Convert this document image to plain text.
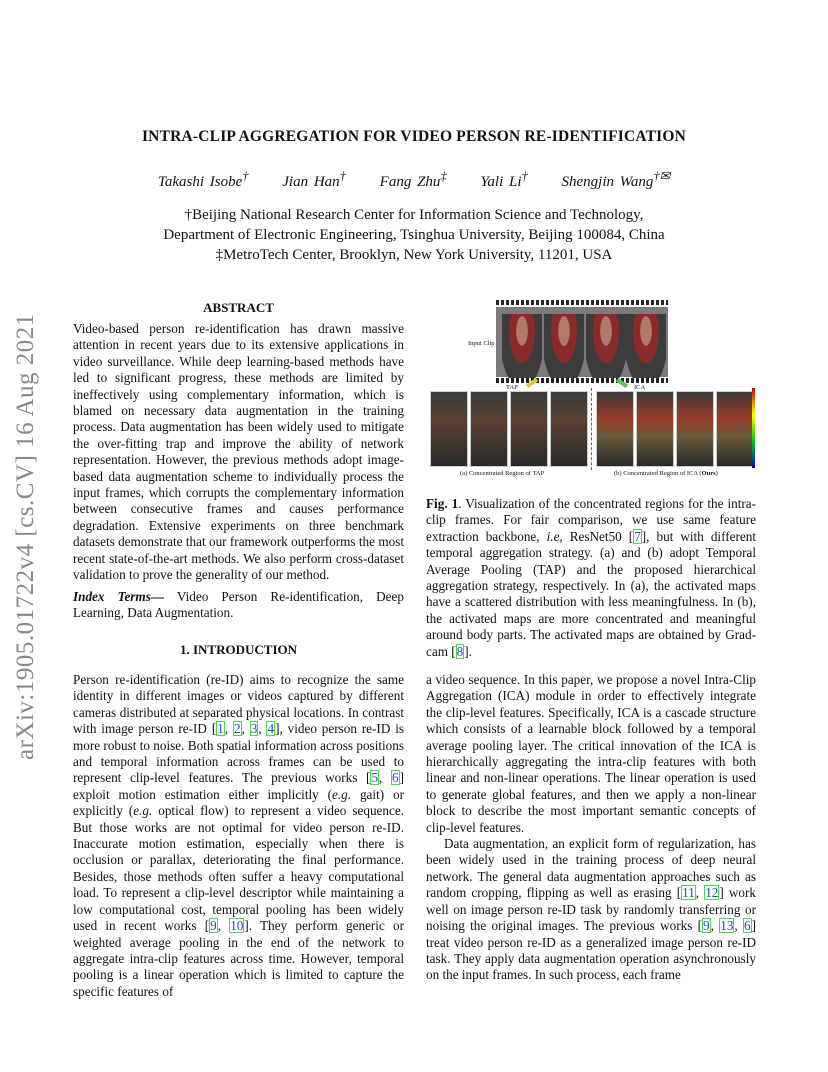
arXiv:1905.01722v4 [cs.CV] 16 Aug 2021
INTRA-CLIP AGGREGATION FOR VIDEO PERSON RE-IDENTIFICATION
Takashi Isobe† Jian Han† Fang Zhu‡ Yali Li† Shengjin Wang†✉
†Beijing National Research Center for Information Science and Technology,
Department of Electronic Engineering, Tsinghua University, Beijing 100084, China
‡MetroTech Center, Brooklyn, New York University, 11201, USA
ABSTRACT
Video-based person re-identification has drawn massive attention in recent years due to its extensive applications in video surveillance. While deep learning-based methods have led to significant progress, these methods are limited by ineffectively using complementary information, which is blamed on necessary data augmentation in the training process. Data augmentation has been widely used to mitigate the over-fitting trap and improve the ability of network representation. However, the previous methods adopt image-based data augmentation scheme to individually process the input frames, which corrupts the complementary information between consecutive frames and causes performance degradation. Extensive experiments on three benchmark datasets demonstrate that our framework outperforms the most recent state-of-the-art methods. We also perform cross-dataset validation to prove the generality of our method.
Index Terms— Video Person Re-identification, Deep Learning, Data Augmentation.
1. INTRODUCTION
Person re-identification (re-ID) aims to recognize the same identity in different images or videos captured by different cameras distributed at separated physical locations. In contrast with image person re-ID [1, 2, 3, 4], video person re-ID is more robust to noise. Both spatial information across positions and temporal information across frames can be used to represent clip-level features. The previous works [5, 6] exploit motion estimation either implicitly (e.g. gait) or explicitly (e.g. optical flow) to represent a video sequence. But those works are not optimal for video person re-ID. Inaccurate motion estimation, especially when there is occlusion or parallax, deteriorating the final performance. Besides, those methods often suffer a heavy computational load. To represent a clip-level descriptor while maintaining a low computational cost, temporal pooling has been widely used in recent works [9, 10]. They perform generic or weighted average pooling in the end of the network to aggregate intra-clip features across time. However, temporal pooling is a linear operation which is limited to capture the specific features of
Input Clip
TAP	ICA
(a) Concentrated Region of TAP	(b) Concentrated Region of ICA (Ours)
Fig. 1. Visualization of the concentrated regions for the intra-clip frames. For fair comparison, we use same feature extraction backbone, i.e, ResNet50 [7], but with different temporal aggregation strategy. (a) and (b) adopt Temporal Average Pooling (TAP) and the proposed hierarchical aggregation strategy, respectively. In (a), the activated maps have a scattered distribution with less meaningfulness. In (b), the activated maps are more concentrated and meaningful around body parts. The activated maps are obtained by Grad-cam [8].
a video sequence. In this paper, we propose a novel Intra-Clip Aggregation (ICA) module in order to effectively integrate the clip-level features. Specifically, ICA is a cascade structure which consists of a learnable block followed by a temporal average pooling layer. The critical innovation of the ICA is hierarchically aggregating the intra-clip features with both linear and non-linear operations. The linear operation is used to generate global features, and then we apply a non-linear block to describe the most important semantic concepts of clip-level features.
Data augmentation, an explicit form of regularization, has been widely used in the training process of deep neural network. The general data augmentation approaches such as random cropping, flipping as well as erasing [11, 12] work well on image person re-ID task by randomly transferring or noising the original images. The previous works [9, 13, 6] treat video person re-ID as a generalized image person re-ID task. They apply data augmentation operation asynchronously on the input frames. In such process, each frame
